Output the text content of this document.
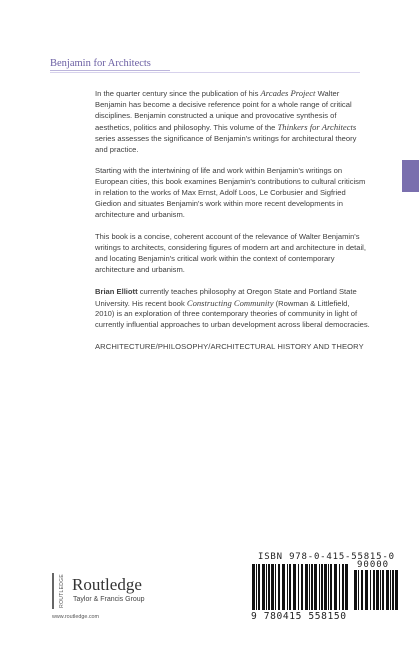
Benjamin for Architects

In the quarter century since the publication of his Arcades Project Walter Benjamin has become a decisive reference point for a whole range of critical disciplines. Benjamin constructed a unique and provocative synthesis of aesthetics, politics and philosophy. This volume of the Thinkers for Architects series assesses the significance of Benjamin's writings for architectural theory and practice.

Starting with the intertwining of life and work within Benjamin's writings on European cities, this book examines Benjamin's contributions to cultural criticism in relation to the works of Max Ernst, Adolf Loos, Le Corbusier and Sigfried Giedion and situates Benjamin's work within more recent developments in architecture and urbanism.

This book is a concise, coherent account of the relevance of Walter Benjamin's writings to architects, considering figures of modern art and architecture in detail, and locating Benjamin's critical work within the context of contemporary architecture and urbanism.

Brian Elliott currently teaches philosophy at Oregon State and Portland State University. His recent book Constructing Community (Rowman & Littlefield, 2010) is an exploration of three contemporary theories of community in light of currently influential approaches to urban development across liberal democracies.

ARCHITECTURE/PHILOSOPHY/ARCHITECTURAL HISTORY AND THEORY

ROUTLEDGE Routledge
Taylor & Francis Group
www.routledge.com
ISBN 978-0-415-55815-0
90000
9 780415 558150
